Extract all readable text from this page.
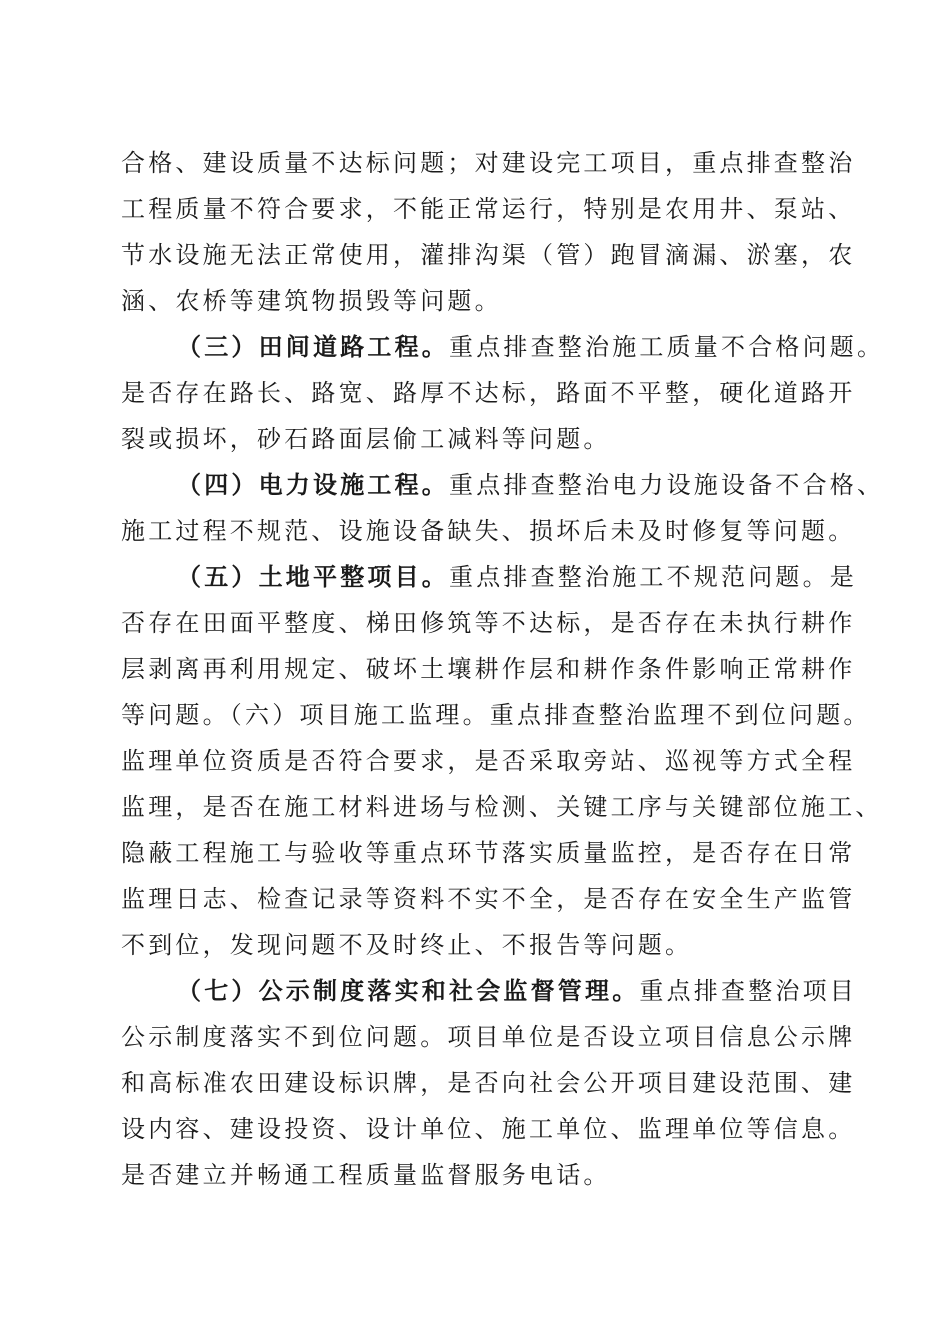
合格、建设质量不达标问题；对建设完工项目，重点排查整治
工程质量不符合要求，不能正常运行，特别是农用井、泵站、
节水设施无法正常使用，灌排沟渠（管）跑冒滴漏、淤塞，农
涵、农桥等建筑物损毁等问题。
（三）田间道路工程。重点排查整治施工质量不合格问题。
是否存在路长、路宽、路厚不达标，路面不平整，硬化道路开
裂或损坏，砂石路面层偷工减料等问题。
（四）电力设施工程。重点排查整治电力设施设备不合格、
施工过程不规范、设施设备缺失、损坏后未及时修复等问题。
（五）土地平整项目。重点排查整治施工不规范问题。是
否存在田面平整度、梯田修筑等不达标，是否存在未执行耕作
层剥离再利用规定、破坏土壤耕作层和耕作条件影响正常耕作
等问题。（六）项目施工监理。重点排查整治监理不到位问题。
监理单位资质是否符合要求，是否采取旁站、巡视等方式全程
监理，是否在施工材料进场与检测、关键工序与关键部位施工、
隐蔽工程施工与验收等重点环节落实质量监控，是否存在日常
监理日志、检查记录等资料不实不全，是否存在安全生产监管
不到位，发现问题不及时终止、不报告等问题。
（七）公示制度落实和社会监督管理。重点排查整治项目
公示制度落实不到位问题。项目单位是否设立项目信息公示牌
和高标准农田建设标识牌，是否向社会公开项目建设范围、建
设内容、建设投资、设计单位、施工单位、监理单位等信息。
是否建立并畅通工程质量监督服务电话。
